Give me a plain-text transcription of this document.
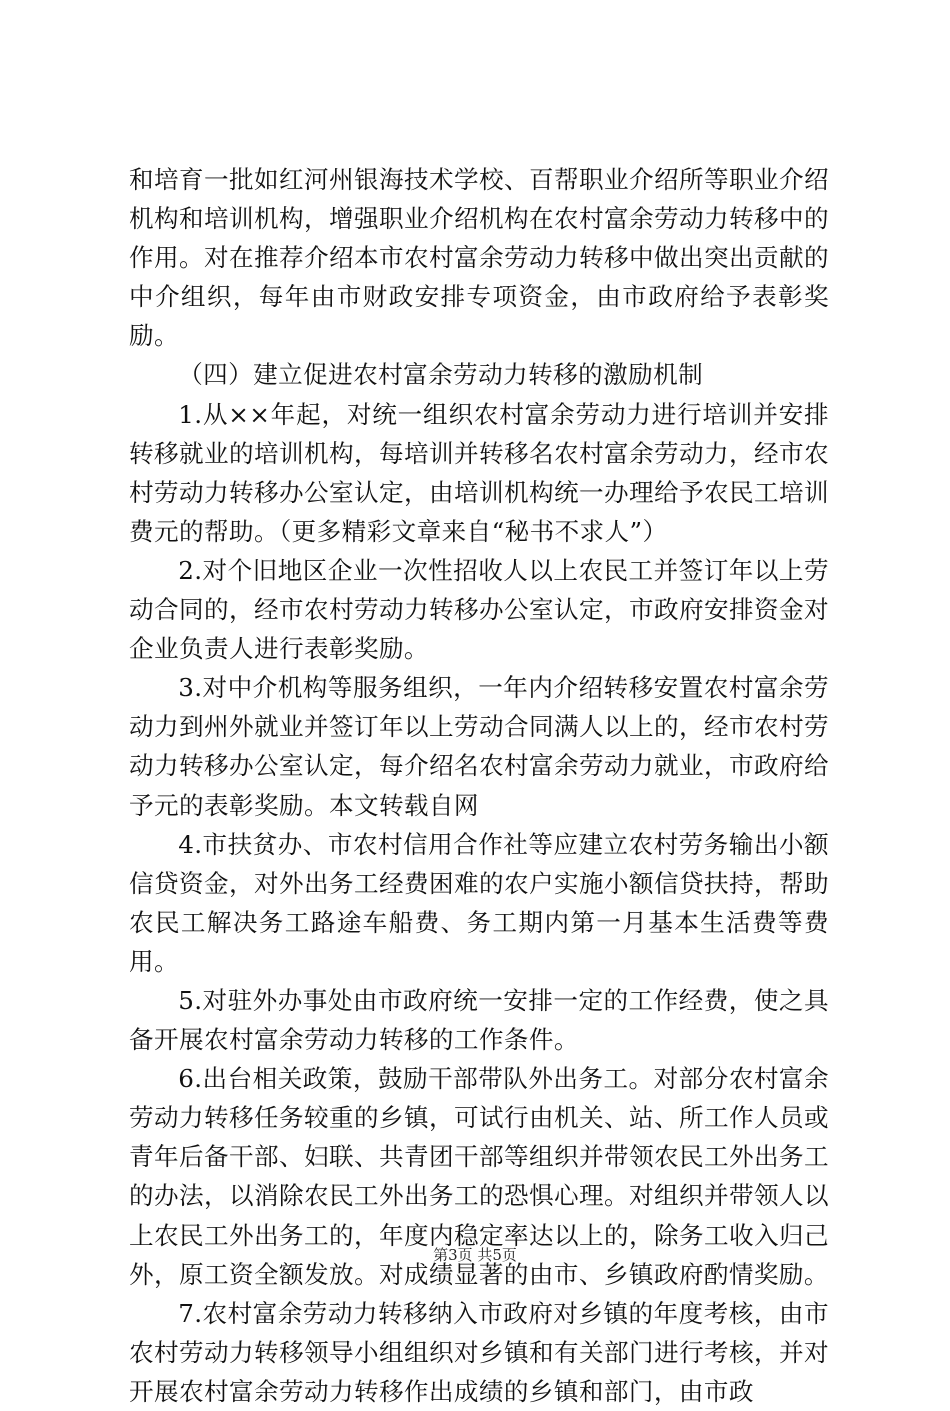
和培育一批如红河州银海技术学校、百帮职业介绍所等职业介绍机构和培训机构，增强职业介绍机构在农村富余劳动力转移中的作用。对在推荐介绍本市农村富余劳动力转移中做出突出贡献的中介组织，每年由市财政安排专项资金，由市政府给予表彰奖励。

（四）建立促进农村富余劳动力转移的激励机制

1.从××年起，对统一组织农村富余劳动力进行培训并安排转移就业的培训机构，每培训并转移名农村富余劳动力，经市农村劳动力转移办公室认定，由培训机构统一办理给予农民工培训费元的帮助。（更多精彩文章来自“秘书不求人”）

2.对个旧地区企业一次性招收人以上农民工并签订年以上劳动合同的，经市农村劳动力转移办公室认定，市政府安排资金对企业负责人进行表彰奖励。

3.对中介机构等服务组织，一年内介绍转移安置农村富余劳动力到州外就业并签订年以上劳动合同满人以上的，经市农村劳动力转移办公室认定，每介绍名农村富余劳动力就业，市政府给予元的表彰奖励。本文转载自网

4.市扶贫办、市农村信用合作社等应建立农村劳务输出小额信贷资金，对外出务工经费困难的农户实施小额信贷扶持，帮助农民工解决务工路途车船费、务工期内第一月基本生活费等费用。

5.对驻外办事处由市政府统一安排一定的工作经费，使之具备开展农村富余劳动力转移的工作条件。

6.出台相关政策，鼓励干部带队外出务工。对部分农村富余劳动力转移任务较重的乡镇，可试行由机关、站、所工作人员或青年后备干部、妇联、共青团干部等组织并带领农民工外出务工的办法，以消除农民工外出务工的恐惧心理。对组织并带领人以上农民工外出务工的，年度内稳定率达以上的，除务工收入归己外，原工资全额发放。对成绩显著的由市、乡镇政府酌情奖励。

7.农村富余劳动力转移纳入市政府对乡镇的年度考核，由市农村劳动力转移领导小组组织对乡镇和有关部门进行考核，并对开展农村富余劳动力转移作出成绩的乡镇和部门，由市政

第3页 共5页
